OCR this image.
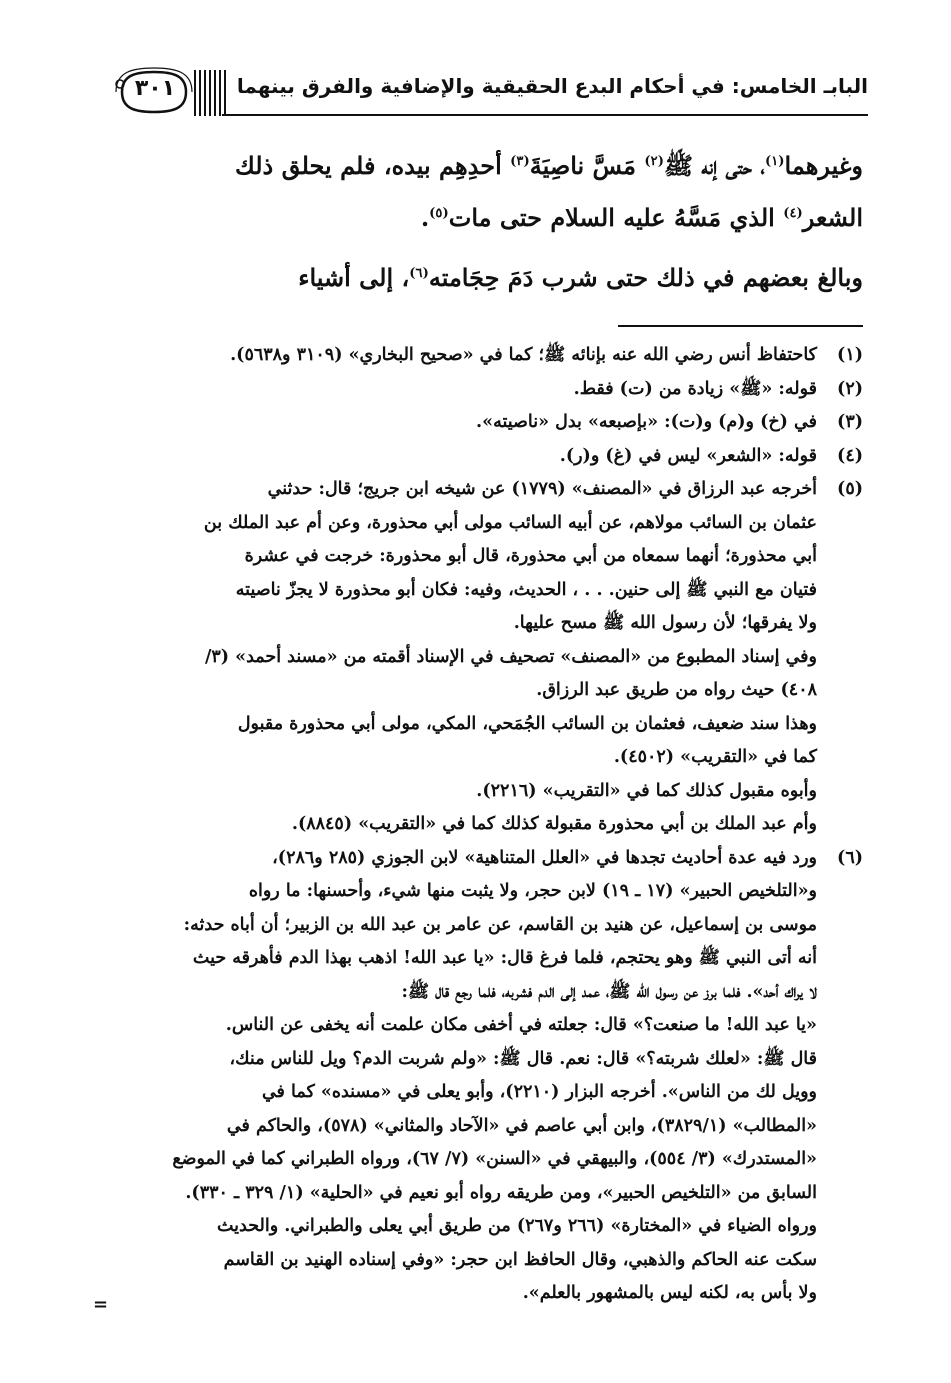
٣٠١	البابـ الخامس: في أحكام البدع الحقيقية والإضافية والفرق بينهما

وغيرهما$^{(١)}$، حتى إنه ﷺ$^{(٢)}$ مَسَّ ناصِيَةَ$^{(٣)}$ أحدِهِم بيده، فلم يحلق ذلك

الشعر$^{(٤)}$ الذي مَسَّهُ عليه السلام حتى مات$^{(٥)}$.

وبالغ بعضهم في ذلك حتى شرب دَمَ حِجَامته$^{(٦)}$، إلى أشياء

(١)
كاحتفاظ أنس رضي الله عنه بإنائه ﷺ؛ كما في «صحيح البخاري» (٣١٠٩ و٥٦٣٨).
(٢)
قوله: «ﷺ» زيادة من (ت) فقط.
(٣)
في (خ) و(م) و(ت): «بإصبعه» بدل «ناصيته».
(٤)
قوله: «الشعر» ليس في (غ) و(ر).
(٥)
أخرجه عبد الرزاق في «المصنف» (١٧٧٩) عن شيخه ابن جريج؛ قال: حدثني
عثمان بن السائب مولاهم، عن أبيه السائب مولى أبي محذورة، وعن أم عبد الملك بن
أبي محذورة؛ أنهما سمعاه من أبي محذورة، قال أبو محذورة: خرجت في عشرة
فتيان مع النبي ﷺ إلى حنين. . . ، الحديث، وفيه: فكان أبو محذورة لا يجزّ ناصيته
ولا يفرقها؛ لأن رسول الله ﷺ مسح عليها.
وفي إسناد المطبوع من «المصنف» تصحيف في الإسناد أقمته من «مسند أحمد» (٣/
٤٠٨) حيث رواه من طريق عبد الرزاق.
وهذا سند ضعيف، فعثمان بن السائب الجُمَحي، المكي، مولى أبي محذورة مقبول
كما في «التقريب» (٤٥٠٢).
وأبوه مقبول كذلك كما في «التقريب» (٢٢١٦).
وأم عبد الملك بن أبي محذورة مقبولة كذلك كما في «التقريب» (٨٨٤٥).
(٦)
ورد فيه عدة أحاديث تجدها في «العلل المتناهية» لابن الجوزي (٢٨٥ و٢٨٦)،
و«التلخيص الحبير» (١٧ ـ ١٩) لابن حجر، ولا يثبت منها شيء، وأحسنها: ما رواه
موسى بن إسماعيل، عن هنيد بن القاسم، عن عامر بن عبد الله بن الزبير؛ أن أباه حدثه:
أنه أتى النبي ﷺ وهو يحتجم، فلما فرغ قال: «يا عبد الله! اذهب بهذا الدم فأهرقه حيث
لا يراك أحد». فلما برز عن رسول الله ﷺ، عمد إلى الدم فشربه، فلما رجع قال ﷺ:
«يا عبد الله! ما صنعت؟» قال: جعلته في أخفى مكان علمت أنه يخفى عن الناس.
قال ﷺ: «لعلك شربته؟» قال: نعم. قال ﷺ: «ولم شربت الدم؟ ويل للناس منك،
وويل لك من الناس». أخرجه البزار (٢٢١٠)، وأبو يعلى في «مسنده» كما في
«المطالب» (٣٨٢٩/١)، وابن أبي عاصم في «الآحاد والمثاني» (٥٧٨)، والحاكم في
«المستدرك» (٣/ ٥٥٤)، والبيهقي في «السنن» (٧/ ٦٧)، ورواه الطبراني كما في الموضع
السابق من «التلخيص الحبير»، ومن طريقه رواه أبو نعيم في «الحلية» (١/ ٣٢٩ ـ ٣٣٠).
ورواه الضياء في «المختارة» (٢٦٦ و٢٦٧) من طريق أبي يعلى والطبراني. والحديث
سكت عنه الحاكم والذهبي، وقال الحافظ ابن حجر: «وفي إسناده الهنيد بن القاسم
ولا بأس به، لكنه ليس بالمشهور بالعلم».
=
